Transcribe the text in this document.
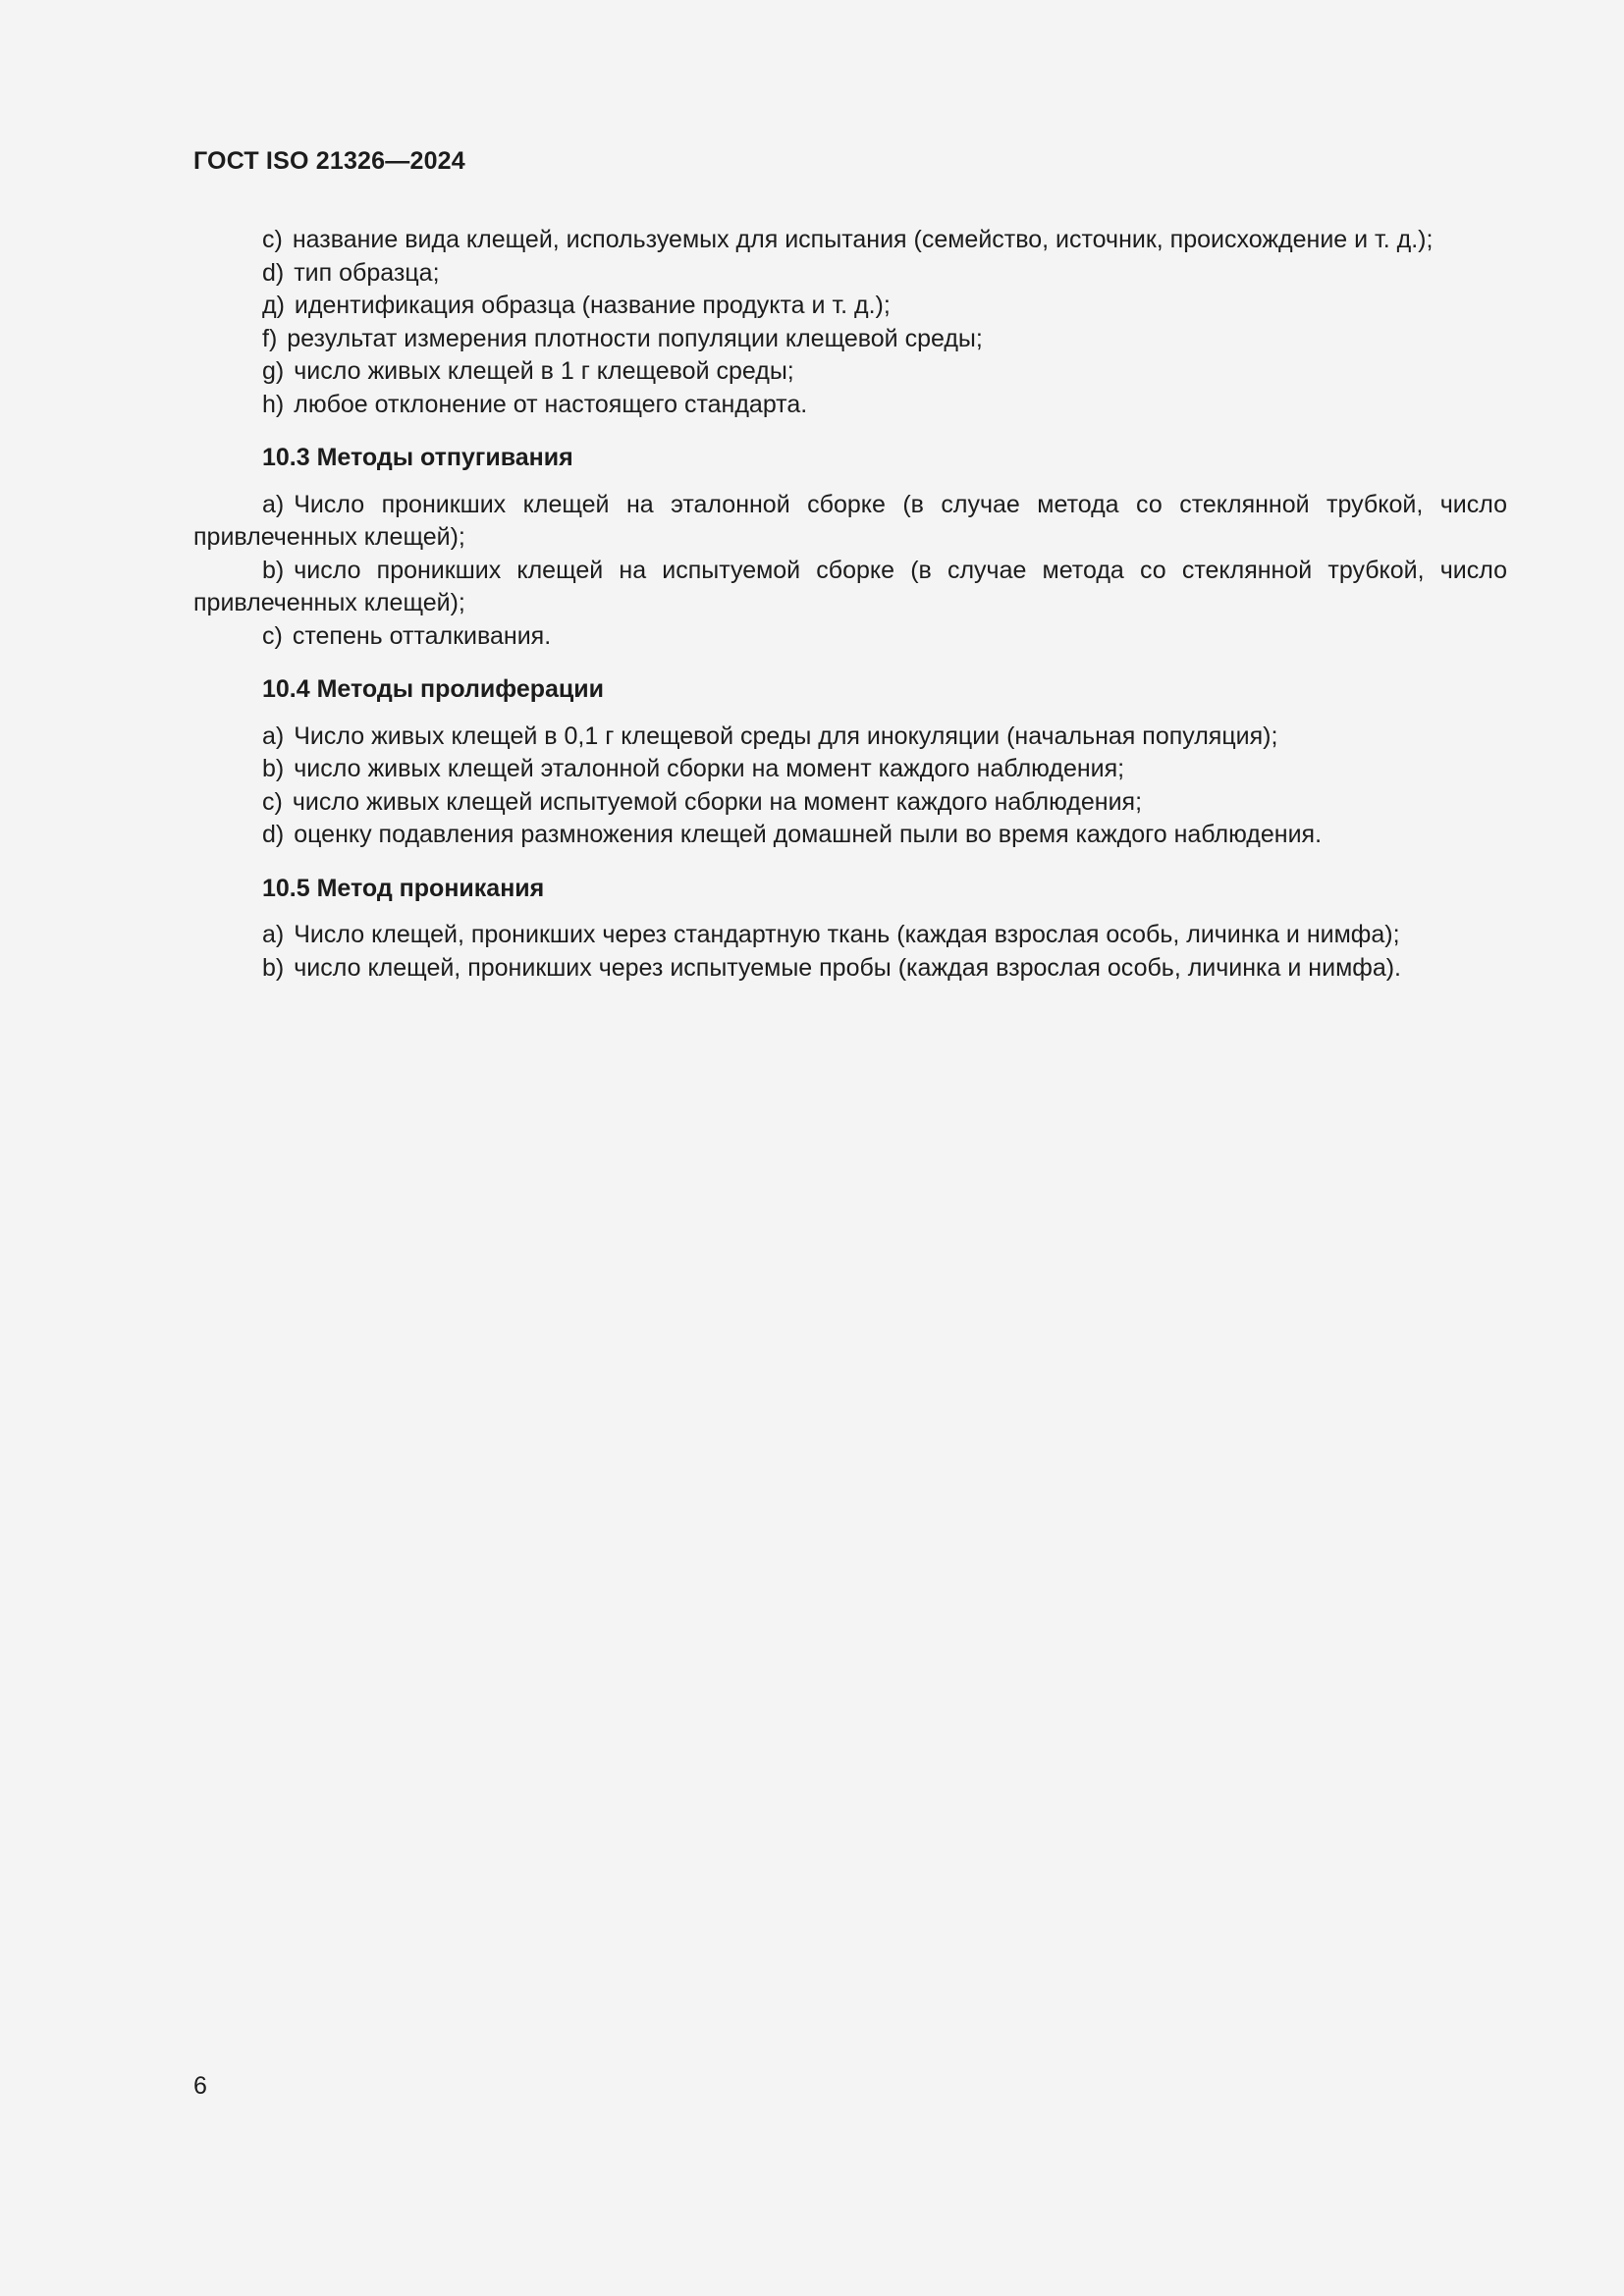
ГОСТ ISO 21326—2024

c) название вида клещей, используемых для испытания (семейство, источник, происхождение и т. д.);

d) тип образца;

д) идентификация образца (название продукта и т. д.);

f) результат измерения плотности популяции клещевой среды;

g) число живых клещей в 1 г клещевой среды;

h) любое отклонение от настоящего стандарта.

10.3 Методы отпугивания

a) Число проникших клещей на эталонной сборке (в случае метода со стеклянной трубкой, число привлеченных клещей);

b) число проникших клещей на испытуемой сборке (в случае метода со стеклянной трубкой, число привлеченных клещей);

c) степень отталкивания.

10.4 Методы пролиферации

a) Число живых клещей в 0,1 г клещевой среды для инокуляции (начальная популяция);

b) число живых клещей эталонной сборки на момент каждого наблюдения;

c) число живых клещей испытуемой сборки на момент каждого наблюдения;

d) оценку подавления размножения клещей домашней пыли во время каждого наблюдения.

10.5 Метод проникания

a) Число клещей, проникших через стандартную ткань (каждая взрослая особь, личинка и нимфа);

b) число клещей, проникших через испытуемые пробы (каждая взрослая особь, личинка и нимфа).

6
